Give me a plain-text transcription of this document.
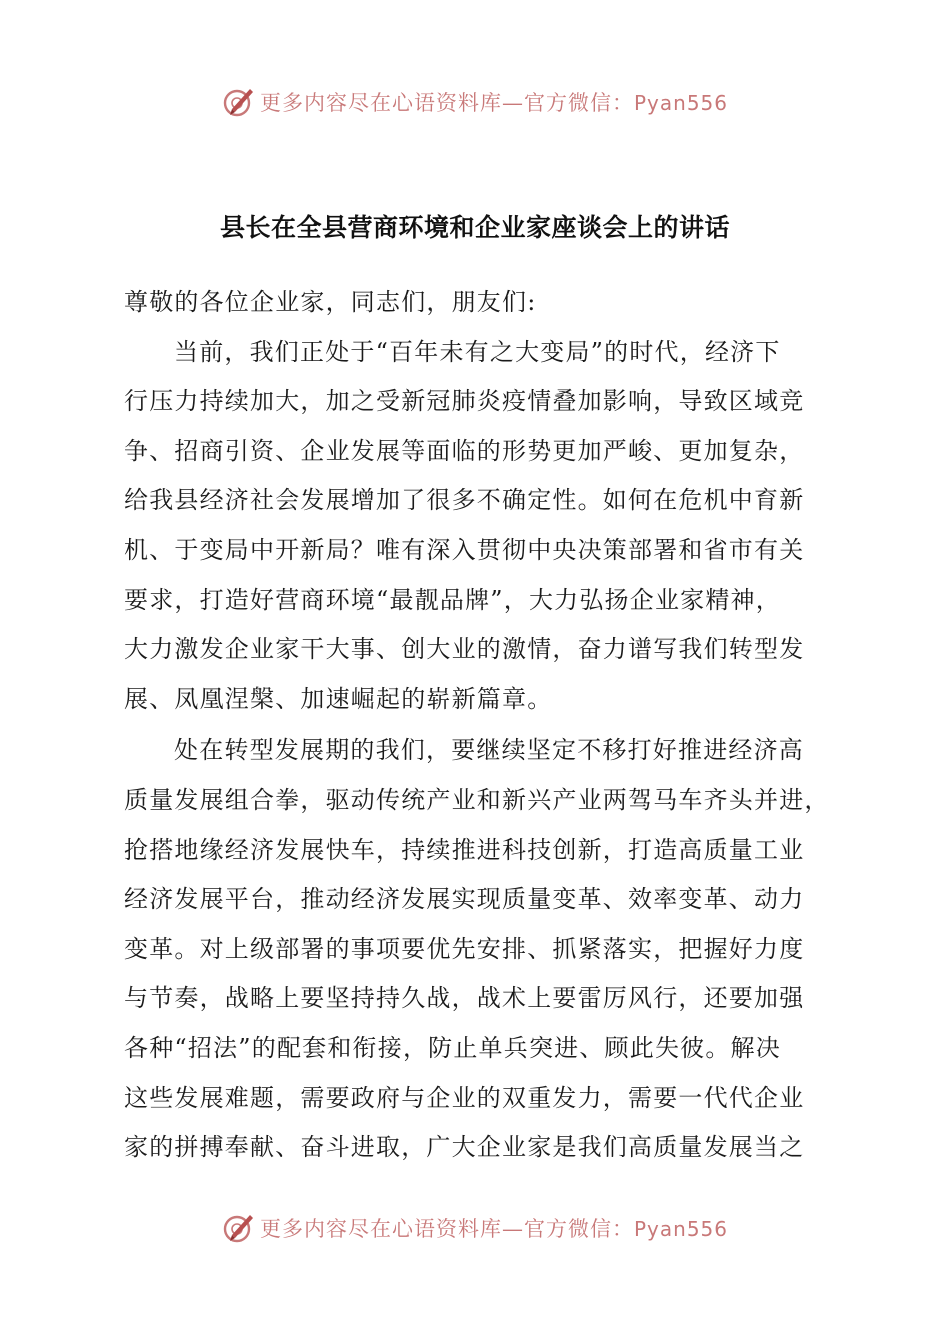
更多内容尽在心语资料库—官方微信：Pyan556
县长在全县营商环境和企业家座谈会上的讲话
尊敬的各位企业家，同志们，朋友们:
当前，我们正处于“百年未有之大变局”的时代，经济下
行压力持续加大，加之受新冠肺炎疫情叠加影响，导致区域竞
争、招商引资、企业发展等面临的形势更加严峻、更加复杂，
给我县经济社会发展增加了很多不确定性。如何在危机中育新
机、于变局中开新局？唯有深入贯彻中央决策部署和省市有关
要求，打造好营商环境“最靓品牌”，大力弘扬企业家精神，
大力激发企业家干大事、创大业的激情，奋力谱写我们转型发
展、凤凰涅槃、加速崛起的崭新篇章。
处在转型发展期的我们，要继续坚定不移打好推进经济高
质量发展组合拳，驱动传统产业和新兴产业两驾马车齐头并进，
抢搭地缘经济发展快车，持续推进科技创新，打造高质量工业
经济发展平台，推动经济发展实现质量变革、效率变革、动力
变革。对上级部署的事项要优先安排、抓紧落实，把握好力度
与节奏，战略上要坚持持久战，战术上要雷厉风行，还要加强
各种“招法”的配套和衔接，防止单兵突进、顾此失彼。解决
这些发展难题，需要政府与企业的双重发力，需要一代代企业
家的拼搏奉献、奋斗进取，广大企业家是我们高质量发展当之
更多内容尽在心语资料库—官方微信：Pyan556
